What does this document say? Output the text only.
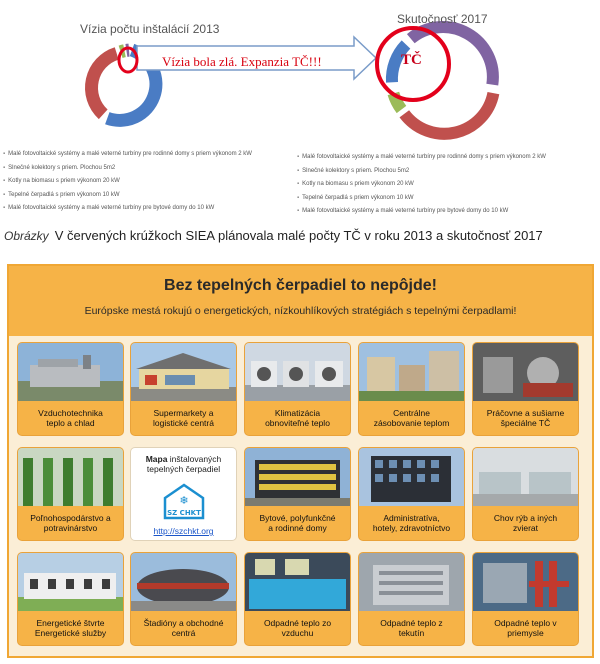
Vízia počtu inštalácií 2013
Skutočnosť 2017
Vízia bola zlá. Expanzia TČ!!!	TČ
▪ Malé fotovoltaické systémy a malé veterné turbíny pre rodinné domy s priem výkonom 2 kW
▪ Slnečné kolektory s priem. Plochou 5m2
▪ Kotly na biomasu s priem výkonom 20 kW
▪ Tepelné čerpadlá s priem výkonom 10 kW
▪ Malé fotovoltaické systémy a malé veterné turbíny pre bytové domy do 10 kW
▪ Malé fotovoltaické systémy a malé veterné turbíny pre rodinné domy s priem výkonom 2 kW
▪ Slnečné kolektory s priem. Plochou 5m2
▪ Kotly na biomasu s priem výkonom 20 kW
▪ Tepelné čerpadlá s priem výkonom 10 kW
▪ Malé fotovoltaické systémy a malé veterné turbíny pre bytové domy do 10 kW
Obrázky V červených krúžkoch SIEA plánovala malé počty TČ v roku 2013 a skutočnosť 2017
Bez tepelných čerpadiel to nepôjde!
Európske mestá rokujú o energetických, nízkouhlíkových stratégiách s tepelnými čerpadlami!
Vzduchotechnika
teplo a chlad
Supermarkety a
logistické centrá
Klimatizácia
obnoviteľné teplo
Centrálne
zásobovanie teplom
Práčovne a sušiarne
špeciálne TČ
Poľnohospodárstvo a
potravinárstvo
Mapa inštalovaných
tepelných čerpadiel
❄
SZ CHKT
http://szchkt.org
Bytové, polyfunkčné
a rodinné domy
Administratíva,
hotely, zdravotníctvo
Chov rýb a iných
zvierat
Energetické štvrte
Energetické služby
Štadióny a obchodné
centrá
Odpadné teplo zo
vzduchu
Odpadné teplo z
tekutín
Odpadné teplo v
priemysle
